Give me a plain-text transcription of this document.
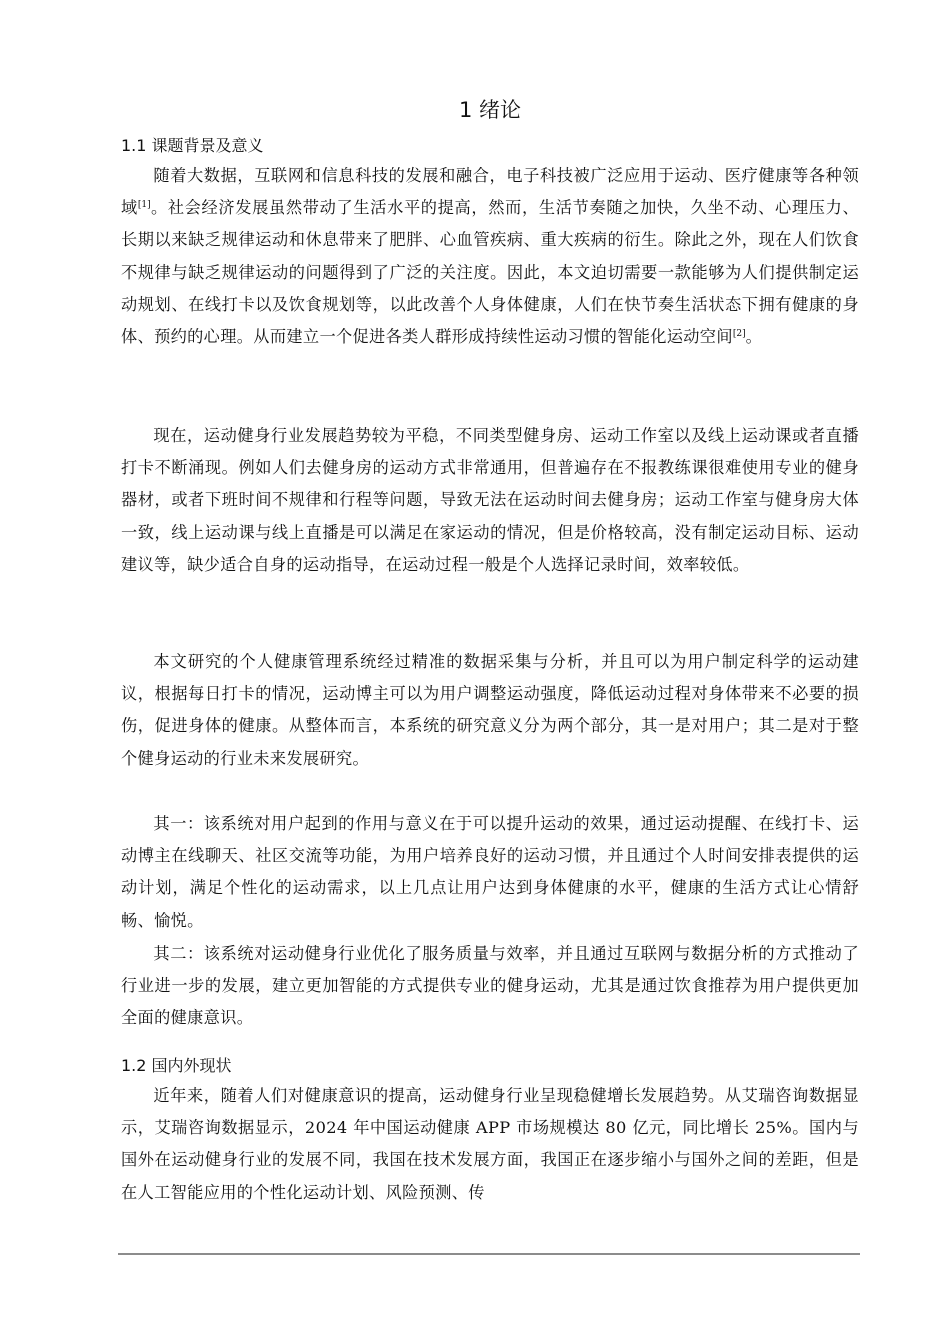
1 绪论
1.1 课题背景及意义

随着大数据，互联网和信息科技的发展和融合，电子科技被广泛应用于运动、医疗健康等各种领域[1]。社会经济发展虽然带动了生活水平的提高，然而，生活节奏随之加快，久坐不动、心理压力、长期以来缺乏规律运动和休息带来了肥胖、心血管疾病、重大疾病的衍生。除此之外，现在人们饮食不规律与缺乏规律运动的问题得到了广泛的关注度。因此，本文迫切需要一款能够为人们提供制定运动规划、在线打卡以及饮食规划等，以此改善个人身体健康，人们在快节奏生活状态下拥有健康的身体、预约的心理。从而建立一个促进各类人群形成持续性运动习惯的智能化运动空间[2]。

现在，运动健身行业发展趋势较为平稳，不同类型健身房、运动工作室以及线上运动课或者直播打卡不断涌现。例如人们去健身房的运动方式非常通用，但普遍存在不报教练课很难使用专业的健身器材，或者下班时间不规律和行程等问题，导致无法在运动时间去健身房；运动工作室与健身房大体一致，线上运动课与线上直播是可以满足在家运动的情况，但是价格较高，没有制定运动目标、运动建议等，缺少适合自身的运动指导，在运动过程一般是个人选择记录时间，效率较低。

本文研究的个人健康管理系统经过精准的数据采集与分析，并且可以为用户制定科学的运动建议，根据每日打卡的情况，运动博主可以为用户调整运动强度，降低运动过程对身体带来不必要的损伤，促进身体的健康。从整体而言，本系统的研究意义分为两个部分，其一是对用户；其二是对于整个健身运动的行业未来发展研究。

其一：该系统对用户起到的作用与意义在于可以提升运动的效果，通过运动提醒、在线打卡、运动博主在线聊天、社区交流等功能，为用户培养良好的运动习惯，并且通过个人时间安排表提供的运动计划，满足个性化的运动需求，以上几点让用户达到身体健康的水平，健康的生活方式让心情舒畅、愉悦。

其二：该系统对运动健身行业优化了服务质量与效率，并且通过互联网与数据分析的方式推动了行业进一步的发展，建立更加智能的方式提供专业的健身运动，尤其是通过饮食推荐为用户提供更加全面的健康意识。

1.2 国内外现状

近年来，随着人们对健康意识的提高，运动健身行业呈现稳健增长发展趋势。从艾瑞咨询数据显示，艾瑞咨询数据显示，2024 年中国运动健康 APP 市场规模达 80 亿元，同比增长 25%。国内与国外在运动健身行业的发展不同，我国在技术发展方面，我国正在逐步缩小与国外之间的差距，但是在人工智能应用的个性化运动计划、风险预测、传
